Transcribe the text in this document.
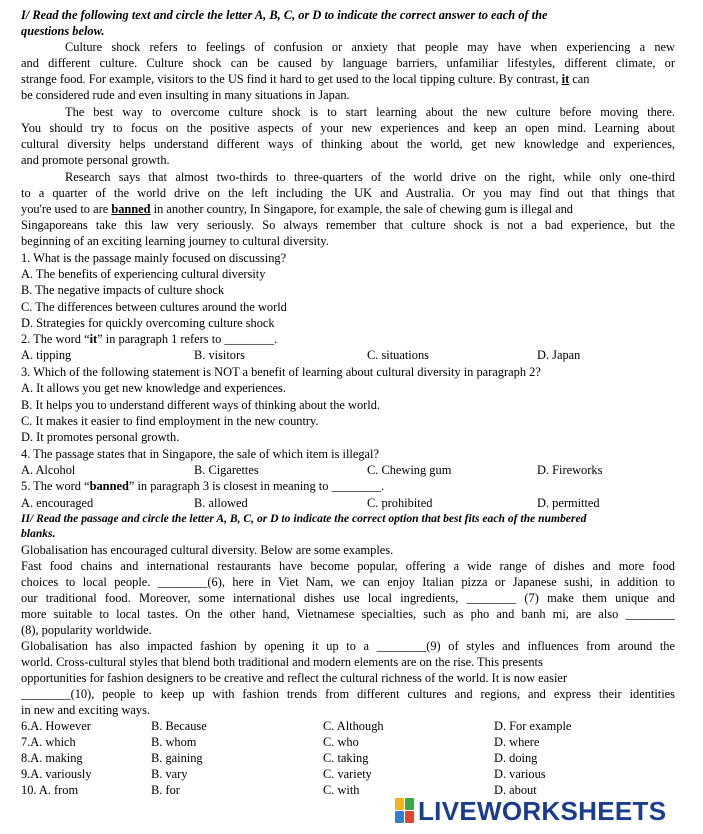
I/ Read the following text and circle the letter A, B, C, or D to indicate the correct answer to each of the
questions below.
Culture shock refers to feelings of confusion or anxiety that people may have when experiencing a new
and different culture. Culture shock can be caused by language barriers, unfamiliar lifestyles, different climate, or
strange food. For example, visitors to the US find it hard to get used to the local tipping culture. By contrast, it can
be considered rude and even insulting in many situations in Japan.
The best way to overcome culture shock is to start learning about the new culture before moving there.
You should try to focus on the positive aspects of your new experiences and keep an open mind. Learning about
cultural diversity helps understand different ways of thinking about the world, get new knowledge and experiences,
and promote personal growth.
Research says that almost two-thirds to three-quarters of the world drive on the right, while only one-third
to a quarter of the world drive on the left including the UK and Australia. Or you may find out that things that
you're used to are banned in another country, In Singapore, for example, the sale of chewing gum is illegal and
Singaporeans take this law very seriously. So always remember that culture shock is not a bad experience, but the
beginning of an exciting learning journey to cultural diversity.
1. What is the passage mainly focused on discussing?
A. The benefits of experiencing cultural diversity
B. The negative impacts of culture shock
C. The differences between cultures around the world
D. Strategies for quickly overcoming culture shock
2. The word “it” in paragraph 1 refers to ________.
A. tipping	B. visitors	C. situations	D. Japan
3. Which of the following statement is NOT a benefit of learning about cultural diversity in paragraph 2?
A. It allows you get new knowledge and experiences.
B. It helps you to understand different ways of thinking about the world.
C. It makes it easier to find employment in the new country.
D. It promotes personal growth.
4. The passage states that in Singapore, the sale of which item is illegal?
A. Alcohol	B. Cigarettes	C. Chewing gum	D. Fireworks
5. The word “banned” in paragraph 3 is closest in meaning to ________.
A. encouraged	B. allowed	C. prohibited	D. permitted
II/ Read the passage and circle the letter A, B, C, or D to indicate the correct option that best fits each of the numbered
blanks.
Globalisation has encouraged cultural diversity. Below are some examples.
Fast food chains and international restaurants have become popular, offering a wide range of dishes and more food
choices to local people. ________(6), here in Viet Nam, we can enjoy Italian pizza or Japanese sushi, in addition to
our traditional food. Moreover, some international dishes use local ingredients, ________ (7) make them unique and
more suitable to local tastes. On the other hand, Vietnamese specialties, such as pho and banh mi, are also ________
(8), popularity worldwide.
Globalisation has also impacted fashion by opening it up to a ________(9) of styles and influences from around the
world. Cross-cultural styles that blend both traditional and modern elements are on the rise. This presents
opportunities for fashion designers to be creative and reflect the cultural richness of the world. It is now easier
________(10), people to keep up with fashion trends from different cultures and regions, and express their identities
in new and exciting ways.
6.A. However	B. Because	C. Although	D. For example
7.A. which	B. whom	C. who	D. where
8.A. making	B. gaining	C. taking	D. doing
9.A. variously	B. vary	C. variety	D. various
10. A. from	B. for	C. with	D. about
LIVEWORKSHEETS
